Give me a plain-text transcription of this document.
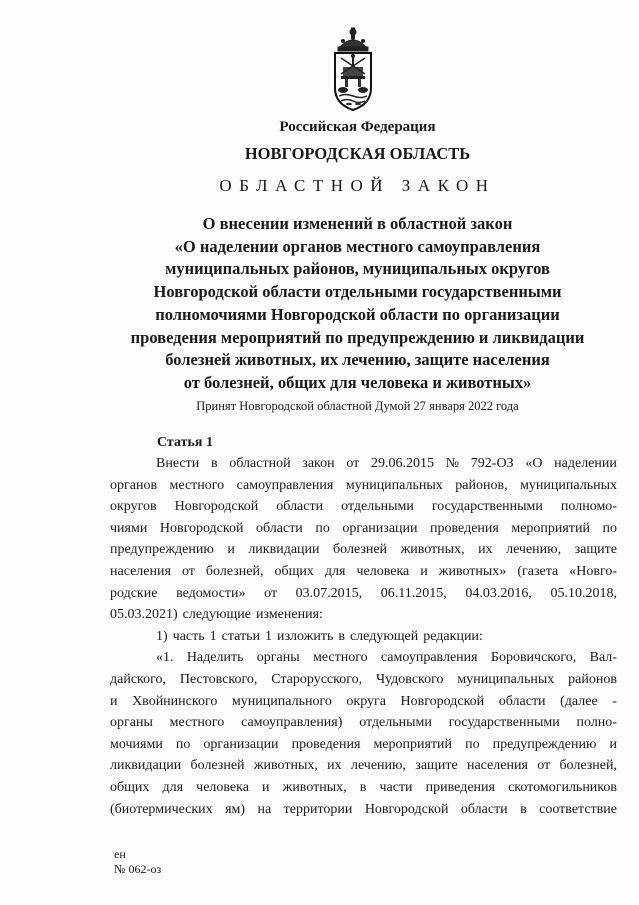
Российская Федерация
НОВГОРОДСКАЯ ОБЛАСТЬ
ОБЛАСТНОЙ ЗАКОН
О внесении изменений в областной закон
«О наделении органов местного самоуправления
муниципальных районов, муниципальных округов
Новгородской области отдельными государственными
полномочиями Новгородской области по организации
проведения мероприятий по предупреждению и ликвидации
болезней животных, их лечению, защите населения
от болезней, общих для человека и животных»
Принят Новгородской областной Думой 27 января 2022 года
Статья 1
Внести в областной закон от 29.06.2015 № 792-ОЗ «О наделении
органов местного самоуправления муниципальных районов, муниципальных
округов Новгородской области отдельными государственными полномо-
чиями Новгородской области по организации проведения мероприятий по
предупреждению и ликвидации болезней животных, их лечению, защите
населения от болезней, общих для человека и животных» (газета «Новго-
родские ведомости» от 03.07.2015, 06.11.2015, 04.03.2016, 05.10.2018,
05.03.2021) следующие изменения:
1) часть 1 статьи 1 изложить в следующей редакции:
«1. Наделить органы местного самоуправления Боровичского, Вал-
дайского, Пестовского, Старорусского, Чудовского муниципальных районов
и Хвойнинского муниципального округа Новгородской области (далее -
органы местного самоуправления) отдельными государственными полно-
мочиями по организации проведения мероприятий по предупреждению и
ликвидации болезней животных, их лечению, защите населения от болезней,
общих для человека и животных, в части приведения скотомогильников
(биотермических ям) на территории Новгородской области в соответствие
ен
№ 062-оз
